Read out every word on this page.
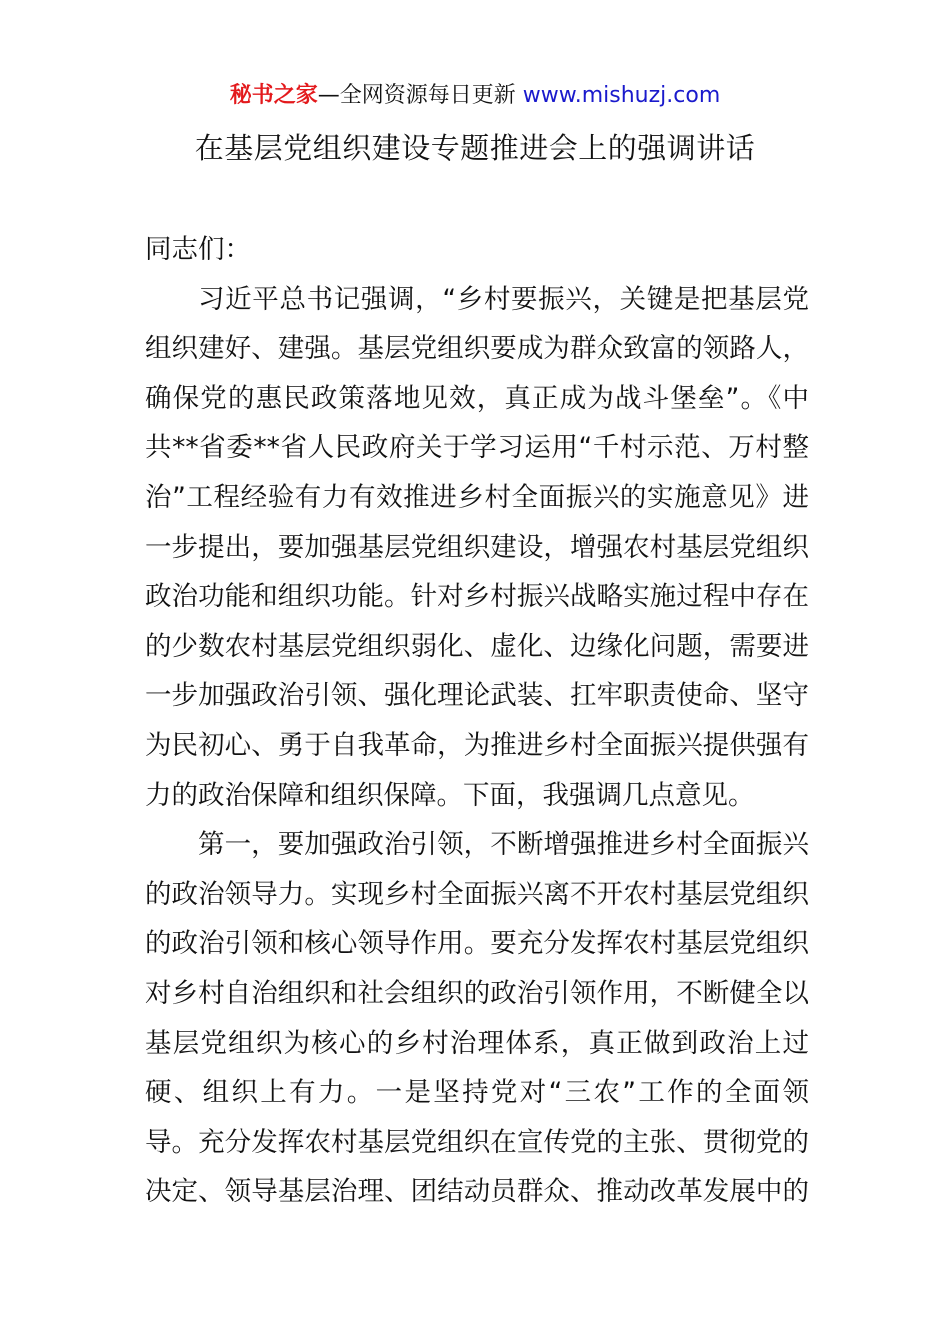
秘书之家—全网资源每日更新 www.mishuzj.com
在基层党组织建设专题推进会上的强调讲话
同志们：
习近平总书记强调，“乡村要振兴，关键是把基层党
组织建好、建强。基层党组织要成为群众致富的领路人，
确保党的惠民政策落地见效，真正成为战斗堡垒”。《中
共**省委**省人民政府关于学习运用“千村示范、万村整
治”工程经验有力有效推进乡村全面振兴的实施意见》进
一步提出，要加强基层党组织建设，增强农村基层党组织
政治功能和组织功能。针对乡村振兴战略实施过程中存在
的少数农村基层党组织弱化、虚化、边缘化问题，需要进
一步加强政治引领、强化理论武装、扛牢职责使命、坚守
为民初心、勇于自我革命，为推进乡村全面振兴提供强有
力的政治保障和组织保障。下面，我强调几点意见。
第一，要加强政治引领，不断增强推进乡村全面振兴
的政治领导力。实现乡村全面振兴离不开农村基层党组织
的政治引领和核心领导作用。要充分发挥农村基层党组织
对乡村自治组织和社会组织的政治引领作用，不断健全以
基层党组织为核心的乡村治理体系，真正做到政治上过
硬、组织上有力。一是坚持党对“三农”工作的全面领
导。充分发挥农村基层党组织在宣传党的主张、贯彻党的
决定、领导基层治理、团结动员群众、推动改革发展中的
